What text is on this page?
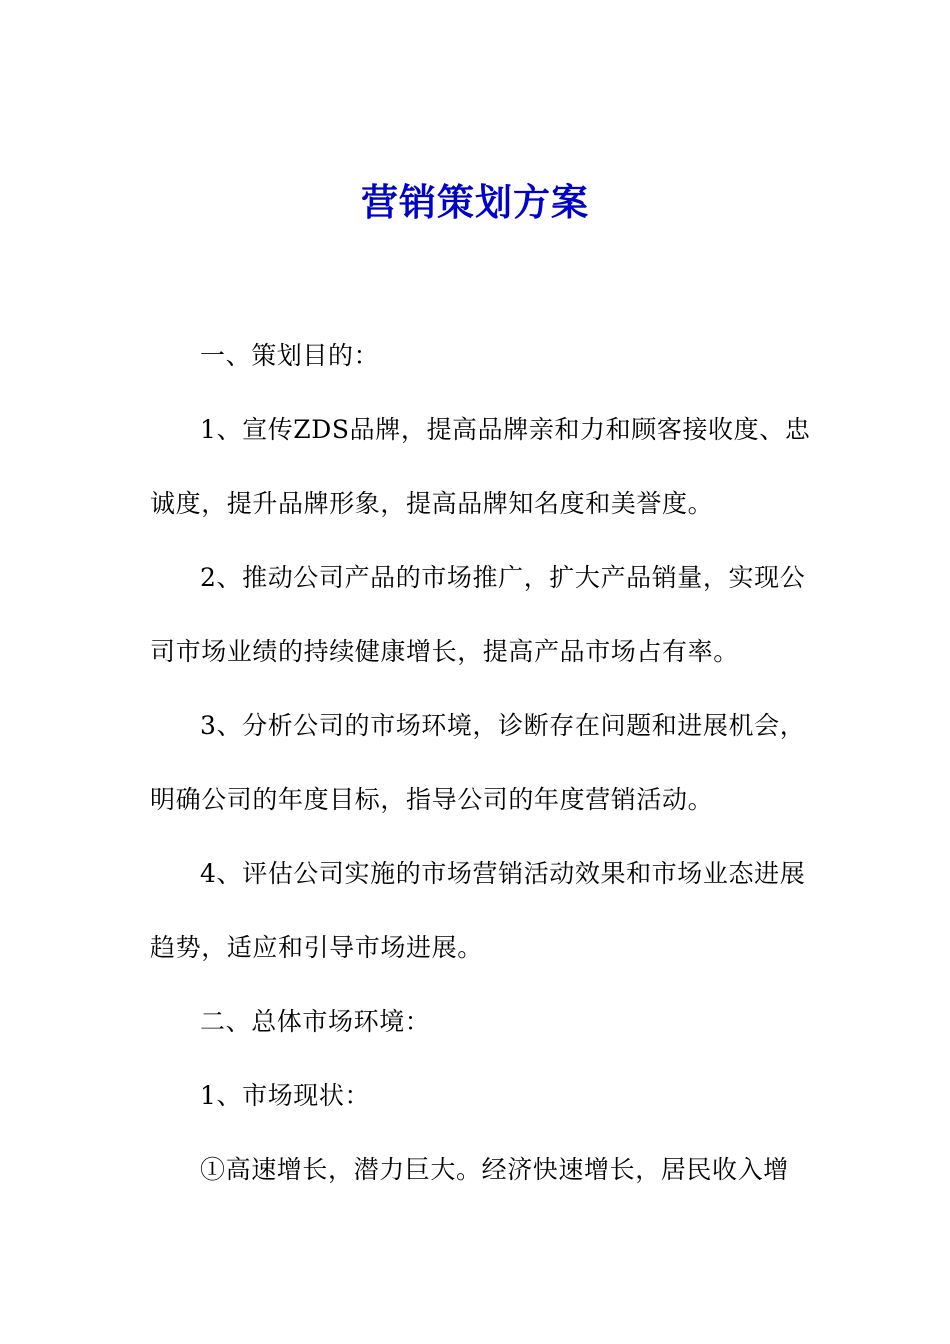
营销策划方案
一、策划目的：
1、宣传ZDS品牌，提高品牌亲和力和顾客接收度、忠
诚度，提升品牌形象，提高品牌知名度和美誉度。
2、推动公司产品的市场推广，扩大产品销量，实现公
司市场业绩的持续健康增长，提高产品市场占有率。
3、分析公司的市场环境，诊断存在问题和进展机会，
明确公司的年度目标，指导公司的年度营销活动。
4、评估公司实施的市场营销活动效果和市场业态进展
趋势，适应和引导市场进展。
二、总体市场环境：
1、市场现状：
①高速增长，潜力巨大。经济快速增长，居民收入增
